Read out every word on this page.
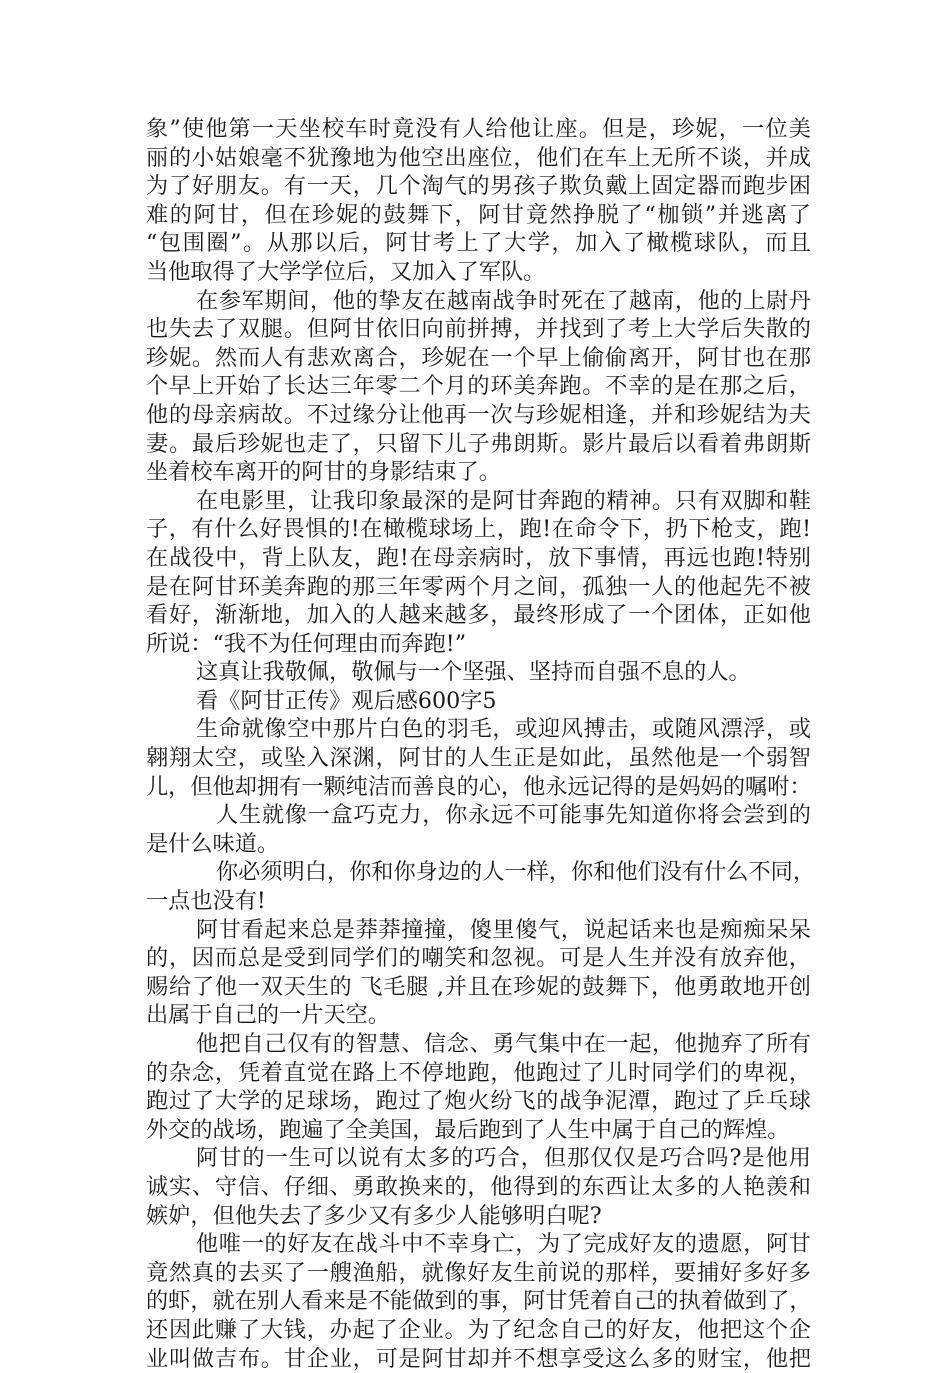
象”使他第一天坐校车时竟没有人给他让座。但是，珍妮，一位美
丽的小姑娘毫不犹豫地为他空出座位，他们在车上无所不谈，并成
为了好朋友。有一天，几个淘气的男孩子欺负戴上固定器而跑步困
难的阿甘，但在珍妮的鼓舞下，阿甘竟然挣脱了“枷锁”并逃离了
“包围圈”。从那以后，阿甘考上了大学，加入了橄榄球队，而且
当他取得了大学学位后，又加入了军队。
在参军期间，他的挚友在越南战争时死在了越南，他的上尉丹
也失去了双腿。但阿甘依旧向前拼搏，并找到了考上大学后失散的
珍妮。然而人有悲欢离合，珍妮在一个早上偷偷离开，阿甘也在那
个早上开始了长达三年零二个月的环美奔跑。不幸的是在那之后，
他的母亲病故。不过缘分让他再一次与珍妮相逢，并和珍妮结为夫
妻。最后珍妮也走了，只留下儿子弗朗斯。影片最后以看着弗朗斯
坐着校车离开的阿甘的身影结束了。
在电影里，让我印象最深的是阿甘奔跑的精神。只有双脚和鞋
子，有什么好畏惧的!在橄榄球场上，跑!在命令下，扔下枪支，跑!
在战役中，背上队友，跑!在母亲病时，放下事情，再远也跑!特别
是在阿甘环美奔跑的那三年零两个月之间，孤独一人的他起先不被
看好，渐渐地，加入的人越来越多，最终形成了一个团体，正如他
所说：“我不为任何理由而奔跑!”
这真让我敬佩，敬佩与一个坚强、坚持而自强不息的人。
看《阿甘正传》观后感600字5
生命就像空中那片白色的羽毛，或迎风搏击，或随风漂浮，或
翱翔太空，或坠入深渊，阿甘的人生正是如此，虽然他是一个弱智
儿，但他却拥有一颗纯洁而善良的心，他永远记得的是妈妈的嘱咐：
人生就像一盒巧克力，你永远不可能事先知道你将会尝到的
是什么味道。
你必须明白，你和你身边的人一样，你和他们没有什么不同，
一点也没有!
阿甘看起来总是莽莽撞撞，傻里傻气，说起话来也是痴痴呆呆
的，因而总是受到同学们的嘲笑和忽视。可是人生并没有放弃他，
赐给了他一双天生的 飞毛腿 ,并且在珍妮的鼓舞下，他勇敢地开创
出属于自己的一片天空。
他把自己仅有的智慧、信念、勇气集中在一起，他抛弃了所有
的杂念，凭着直觉在路上不停地跑，他跑过了儿时同学们的卑视，
跑过了大学的足球场，跑过了炮火纷飞的战争泥潭，跑过了乒乓球
外交的战场，跑遍了全美国，最后跑到了人生中属于自己的辉煌。
阿甘的一生可以说有太多的巧合，但那仅仅是巧合吗?是他用
诚实、守信、仔细、勇敢换来的，他得到的东西让太多的人艳羡和
嫉妒，但他失去了多少又有多少人能够明白呢?
他唯一的好友在战斗中不幸身亡，为了完成好友的遗愿，阿甘
竟然真的去买了一艘渔船，就像好友生前说的那样，要捕好多好多
的虾，就在别人看来是不能做到的事，阿甘凭着自己的执着做到了，
还因此赚了大钱，办起了企业。为了纪念自己的好友，他把这个企
业叫做吉布。甘企业，可是阿甘却并不想享受这么多的财宝，他把
